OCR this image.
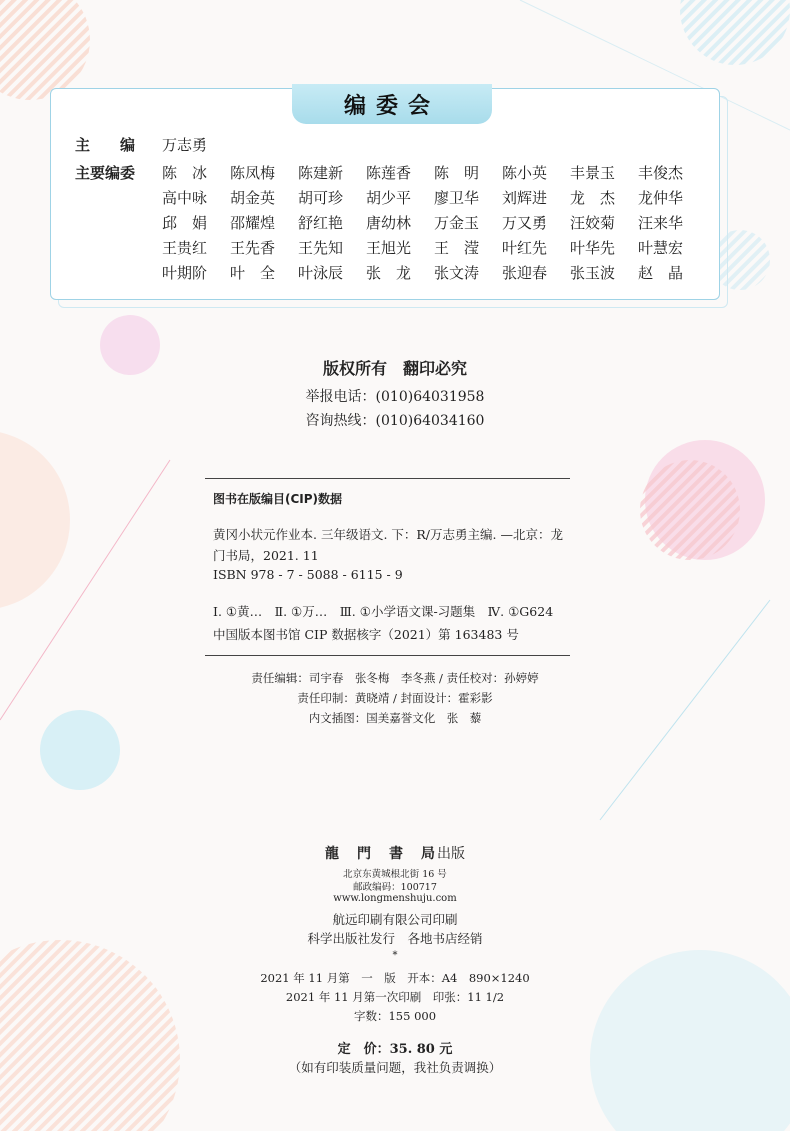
编委会
主　　编 万志勇
主要编委 陈　冰	陈凤梅	陈建新	陈莲香	陈　明	陈小英	丰景玉	丰俊杰
高中咏	胡金英	胡可珍	胡少平	廖卫华	刘辉进	龙　杰	龙仲华
邱　娟	邵耀煌	舒红艳	唐幼林	万金玉	万又勇	汪姣菊	汪来华
王贵红	王先香	王先知	王旭光	王　滢	叶红先	叶华先	叶慧宏
叶期阶	叶　全	叶泳辰	张　龙	张文涛	张迎春	张玉波	赵　晶
版权所有　翻印必究
举报电话：(010)64031958
咨询热线：(010)64034160
图书在版编目(CIP)数据
黄冈小状元作业本. 三年级语文. 下：R/万志勇主编. —北京：龙
门书局，2021. 11
ISBN 978 - 7 - 5088 - 6115 - 9
Ⅰ. ①黄…　Ⅱ. ①万…　Ⅲ. ①小学语文课-习题集　Ⅳ. ①G624
中国版本图书馆 CIP 数据核字（2021）第 163483 号
责任编辑：司宇春　张冬梅　李冬燕 / 责任校对：孙婷婷
责任印制：黄晓靖 / 封面设计：霍彩影
内文插图：国美嘉誉文化　张　藜
龍　門　書　局出版
北京东黄城根北街 16 号
邮政编码：100717
www.longmenshuju.com
航远印刷有限公司印刷
科学出版社发行　各地书店经销
*
2021 年 11 月第　一　版　开本：A4　890×1240
2021 年 11 月第一次印刷　印张：11 1/2
字数：155 000
定　价：35. 80 元
（如有印装质量问题，我社负责调换）
